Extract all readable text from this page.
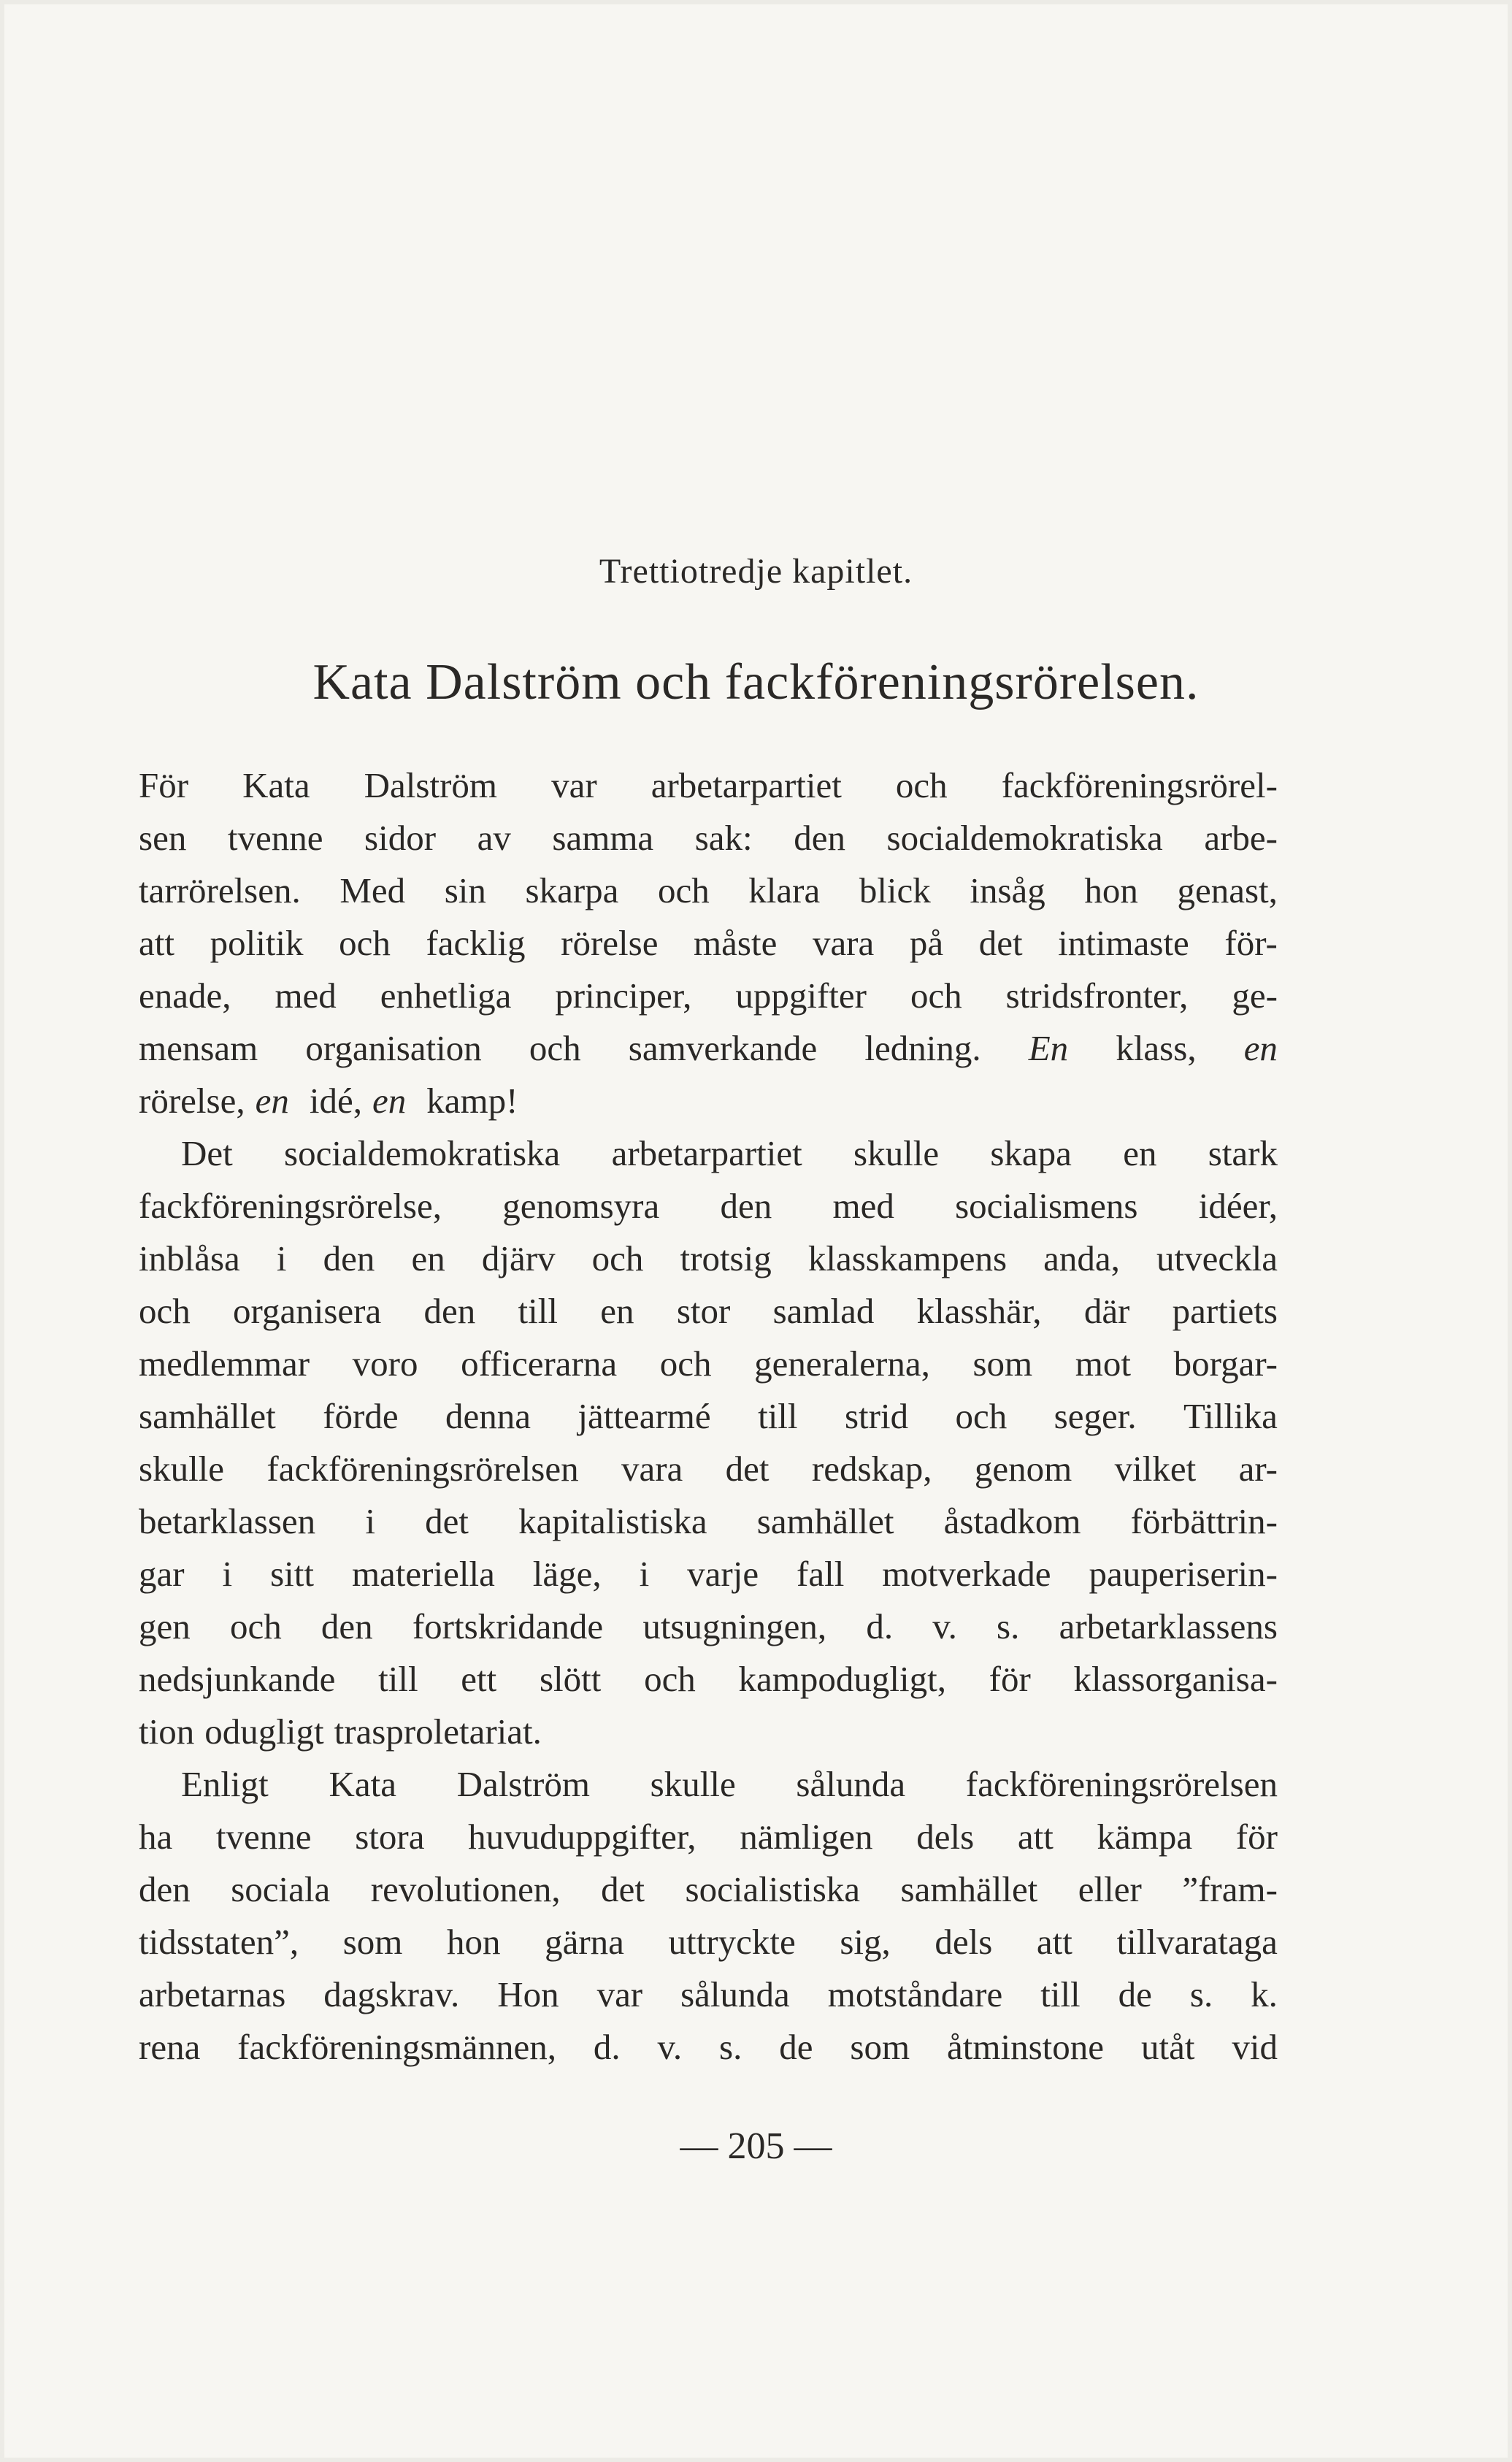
Trettiotredje kapitlet.
Kata Dalström och fackföreningsrörelsen.
För Kata Dalström var arbetarpartiet och fackföreningsrörel-
sen tvenne sidor av samma sak: den socialdemokratiska arbe-
tarrörelsen. Med sin skarpa och klara blick insåg hon genast,
att politik och facklig rörelse måste vara på det intimaste för-
enade, med enhetliga principer, uppgifter och stridsfronter, ge-
mensam organisation och samverkande ledning. En klass, en
rörelse, en idé, en kamp!
Det socialdemokratiska arbetarpartiet skulle skapa en stark
fackföreningsrörelse, genomsyra den med socialismens idéer,
inblåsa i den en djärv och trotsig klasskampens anda, utveckla
och organisera den till en stor samlad klasshär, där partiets
medlemmar voro officerarna och generalerna, som mot borgar-
samhället förde denna jättearmé till strid och seger. Tillika
skulle fackföreningsrörelsen vara det redskap, genom vilket ar-
betarklassen i det kapitalistiska samhället åstadkom förbättrin-
gar i sitt materiella läge, i varje fall motverkade pauperiserin-
gen och den fortskridande utsugningen, d. v. s. arbetarklassens
nedsjunkande till ett slött och kampodugligt, för klassorganisa-
tion odugligt trasproletariat.
Enligt Kata Dalström skulle sålunda fackföreningsrörelsen
ha tvenne stora huvuduppgifter, nämligen dels att kämpa för
den sociala revolutionen, det socialistiska samhället eller ”fram-
tidsstaten”, som hon gärna uttryckte sig, dels att tillvarataga
arbetarnas dagskrav. Hon var sålunda motståndare till de s. k.
rena fackföreningsmännen, d. v. s. de som åtminstone utåt vid
— 205 —
